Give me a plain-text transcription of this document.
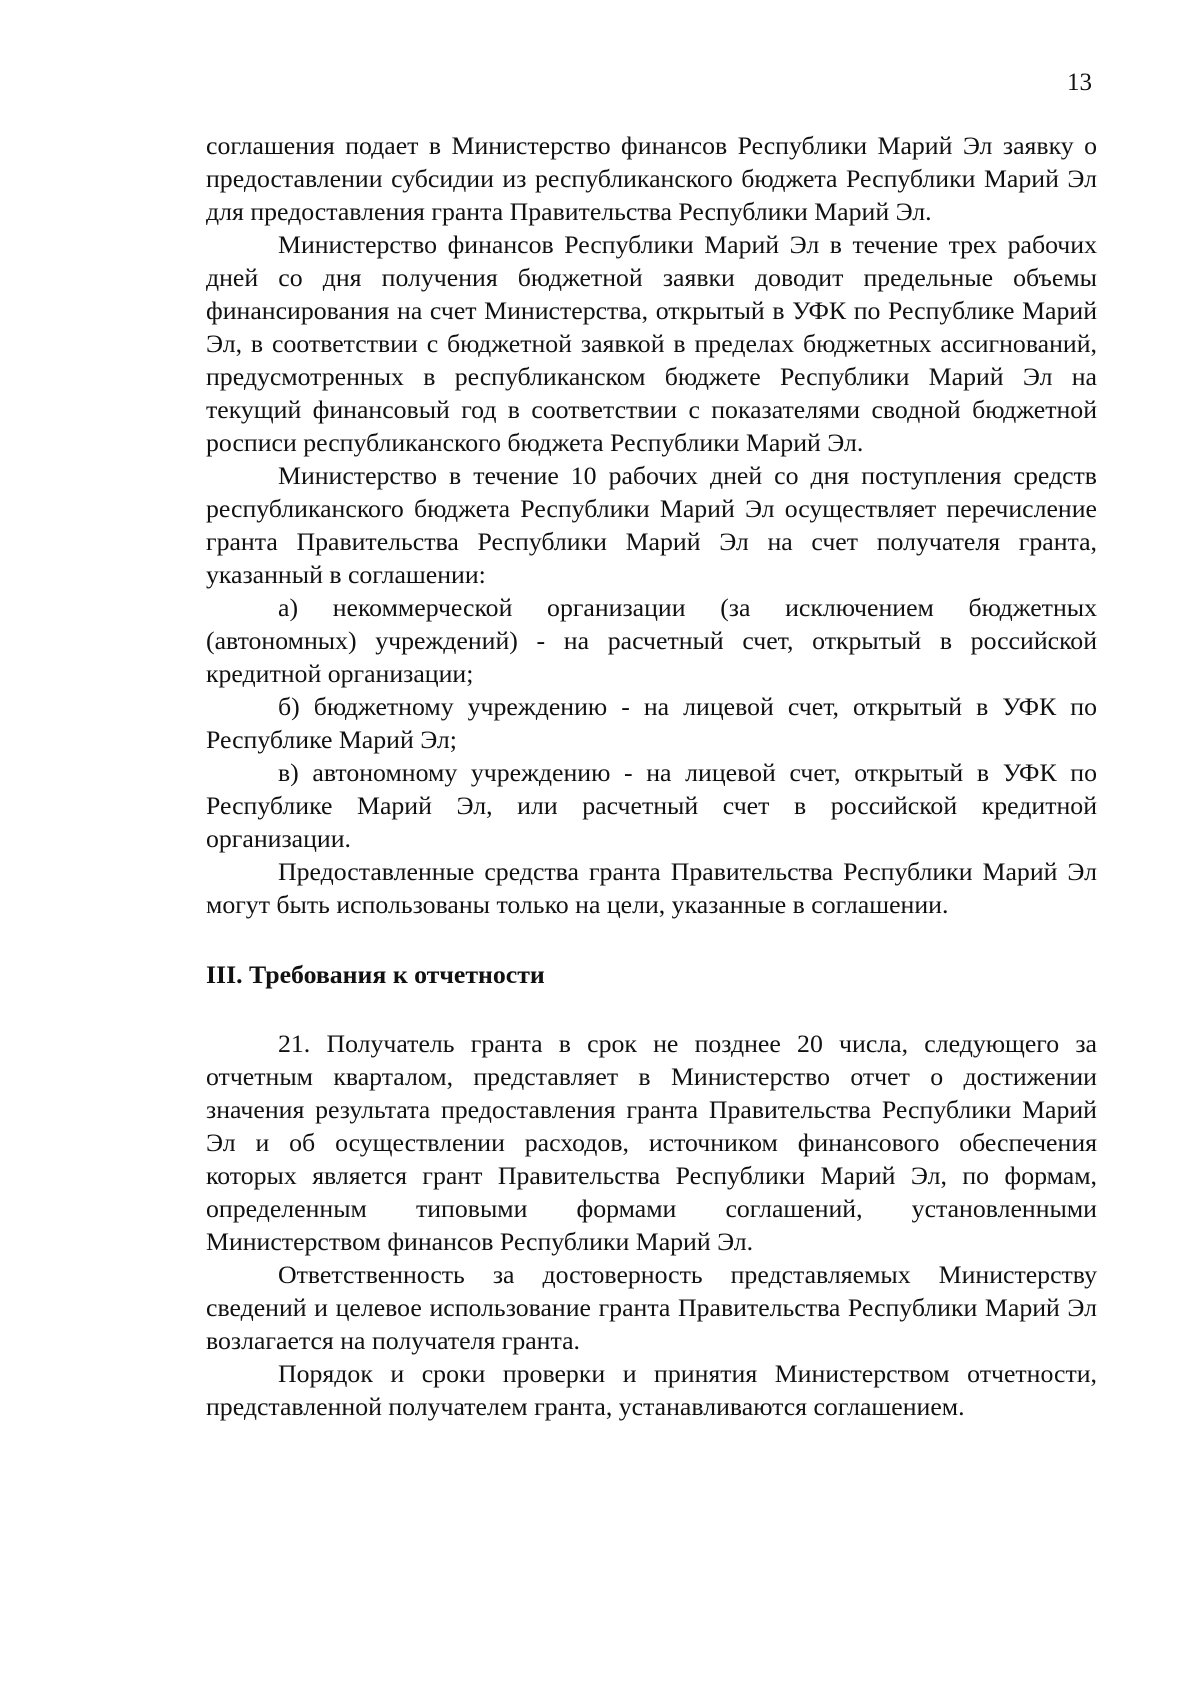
13

соглашения подает в Министерство финансов Республики Марий Эл заявку о предоставлении субсидии из республиканского бюджета Республики Марий Эл для предоставления гранта Правительства Республики Марий Эл.

Министерство финансов Республики Марий Эл в течение трех рабочих дней со дня получения бюджетной заявки доводит предельные объемы финансирования на счет Министерства, открытый в УФК по Республике Марий Эл, в соответствии с бюджетной заявкой в пределах бюджетных ассигнований, предусмотренных в республиканском бюджете Республики Марий Эл на текущий финансовый год в соответствии с показателями сводной бюджетной росписи республиканского бюджета Республики Марий Эл.

Министерство в течение 10 рабочих дней со дня поступления средств республиканского бюджета Республики Марий Эл осуществляет перечисление гранта Правительства Республики Марий Эл на счет получателя гранта, указанный в соглашении:

а) некоммерческой организации (за исключением бюджетных (автономных) учреждений) - на расчетный счет, открытый в российской кредитной организации;

б) бюджетному учреждению - на лицевой счет, открытый в УФК по Республике Марий Эл;

в) автономному учреждению - на лицевой счет, открытый в УФК по Республике Марий Эл, или расчетный счет в российской кредитной организации.

Предоставленные средства гранта Правительства Республики Марий Эл могут быть использованы только на цели, указанные в соглашении.

III. Требования к отчетности

21. Получатель гранта в срок не позднее 20 числа, следующего за отчетным кварталом, представляет в Министерство отчет о достижении значения результата предоставления гранта Правительства Республики Марий Эл и об осуществлении расходов, источником финансового обеспечения которых является грант Правительства Республики Марий Эл, по формам, определенным типовыми формами соглашений, установленными Министерством финансов Республики Марий Эл.

Ответственность за достоверность представляемых Министерству сведений и целевое использование гранта Правительства Республики Марий Эл возлагается на получателя гранта.

Порядок и сроки проверки и принятия Министерством отчетности, представленной получателем гранта, устанавливаются соглашением.
